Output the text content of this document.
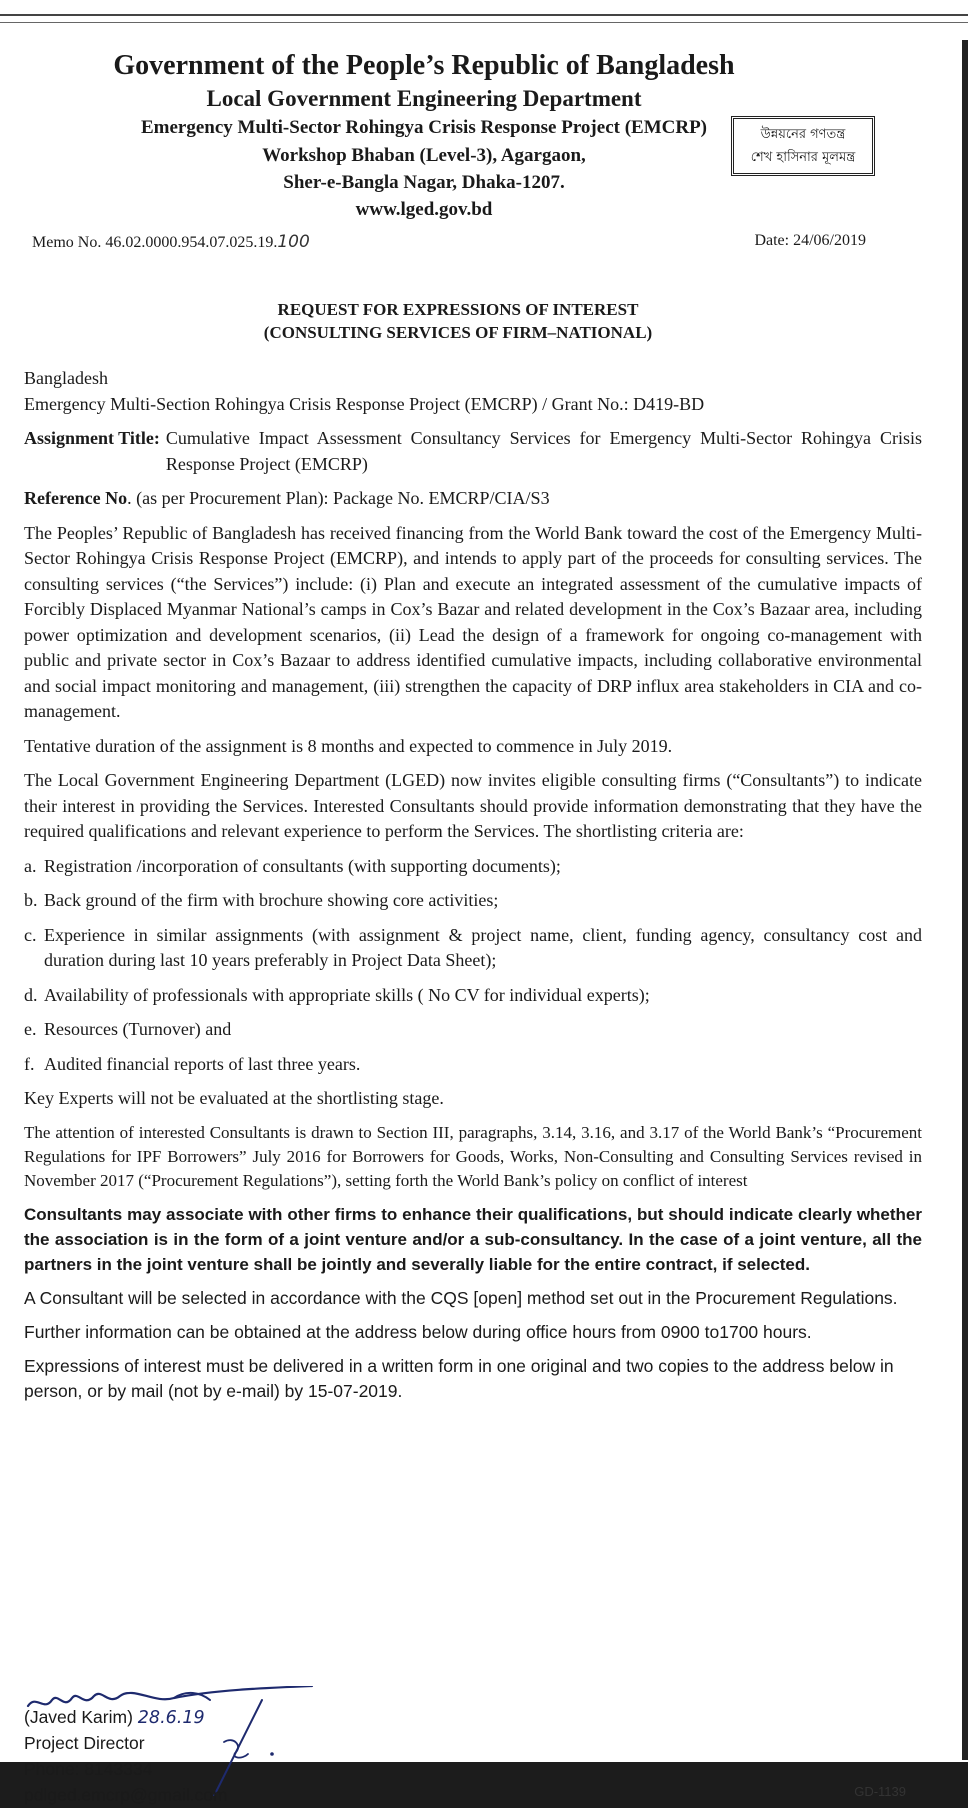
Government of the People’s Republic of Bangladesh
Local Government Engineering Department
Emergency Multi-Sector Rohingya Crisis Response Project (EMCRP)
Workshop Bhaban (Level-3), Agargaon,
Sher-e-Bangla Nagar, Dhaka-1207.
www.lged.gov.bd
উন্নয়নের গণতন্ত্র
শেখ হাসিনার মূলমন্ত্র
Memo No. 46.02.0000.954.07.025.19.100	Date: 24/06/2019
REQUEST FOR EXPRESSIONS OF INTEREST
(CONSULTING SERVICES OF FIRM–NATIONAL)

Bangladesh
Emergency Multi-Section Rohingya Crisis Response Project (EMCRP) / Grant No.: D419-BD

Assignment Title: Cumulative Impact Assessment Consultancy Services for Emergency Multi-Sector Rohingya Crisis Response Project (EMCRP)

Reference No. (as per Procurement Plan): Package No. EMCRP/CIA/S3

The Peoples’ Republic of Bangladesh has received financing from the World Bank toward the cost of the Emergency Multi-Sector Rohingya Crisis Response Project (EMCRP), and intends to apply part of the proceeds for consulting services. The consulting services (“the Services”) include: (i) Plan and execute an integrated assessment of the cumulative impacts of Forcibly Displaced Myanmar National’s camps in Cox’s Bazar and related development in the Cox’s Bazaar area, including power optimization and development scenarios, (ii) Lead the design of a framework for ongoing co-management with public and private sector in Cox’s Bazaar to address identified cumulative impacts, including collaborative environmental and social impact monitoring and management, (iii) strengthen the capacity of DRP influx area stakeholders in CIA and co-management.

Tentative duration of the assignment is 8 months and expected to commence in July 2019.

The Local Government Engineering Department (LGED) now invites eligible consulting firms (“Consultants”) to indicate their interest in providing the Services. Interested Consultants should provide information demonstrating that they have the required qualifications and relevant experience to perform the Services. The shortlisting criteria are:

a. Registration /incorporation of consultants (with supporting documents);
b. Back ground of the firm with brochure showing core activities;
c. Experience in similar assignments (with assignment & project name, client, funding agency, consultancy cost and duration during last 10 years preferably in Project Data Sheet);
d. Availability of professionals with appropriate skills ( No CV for individual experts);
e. Resources (Turnover) and
f. Audited financial reports of last three years.

Key Experts will not be evaluated at the shortlisting stage.

The attention of interested Consultants is drawn to Section III, paragraphs, 3.14, 3.16, and 3.17 of the World Bank’s “Procurement Regulations for IPF Borrowers” July 2016 for Borrowers for Goods, Works, Non-Consulting and Consulting Services revised in November 2017 (“Procurement Regulations”), setting forth the World Bank’s policy on conflict of interest

Consultants may associate with other firms to enhance their qualifications, but should indicate clearly whether the association is in the form of a joint venture and/or a sub-consultancy. In the case of a joint venture, all the partners in the joint venture shall be jointly and severally liable for the entire contract, if selected.

A Consultant will be selected in accordance with the CQS [open] method set out in the Procurement Regulations.

Further information can be obtained at the address below during office hours from 0900 to1700 hours.

Expressions of interest must be delivered in a written form in one original and two copies to the address below in person, or by mail (not by e-mail) by 15-07-2019.

(Javed Karim) 28.6.19
Project Director
Phone: 8143334
pdlged.emcrp@gmail.com	GD-1139
